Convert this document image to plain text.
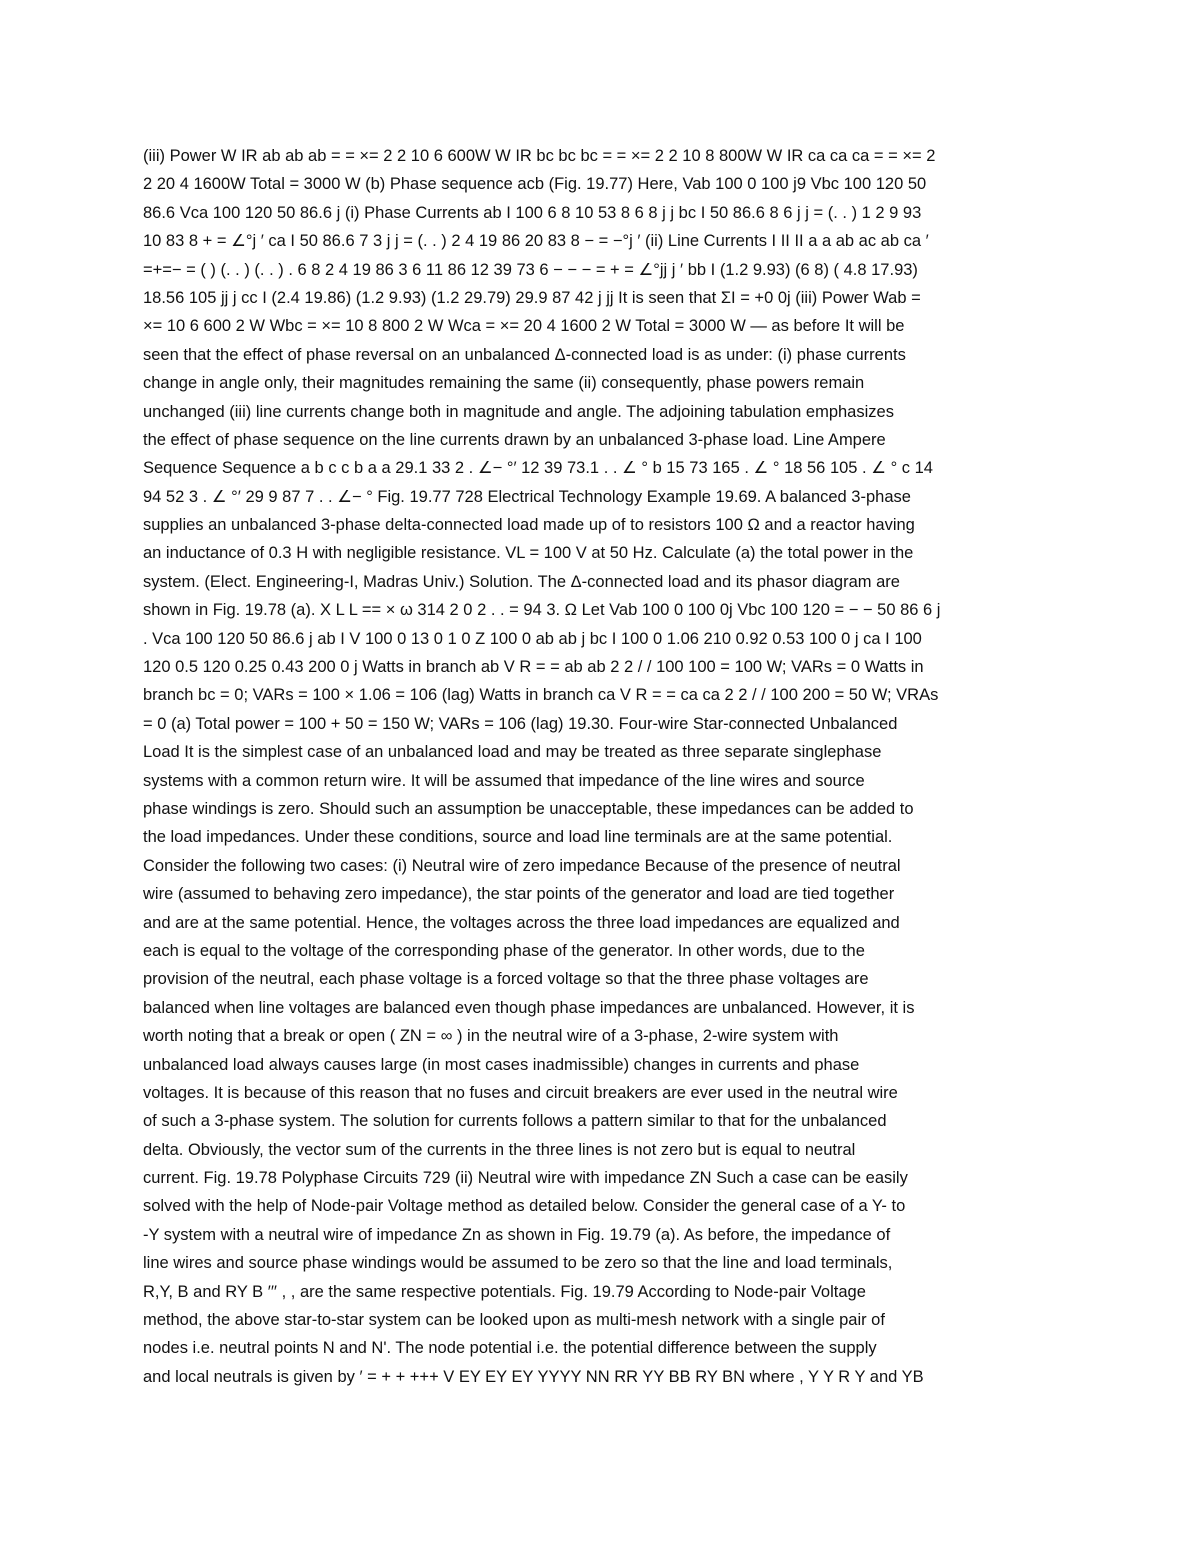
(iii) Power W IR ab ab ab = = ×= 2 2 10 6 600W W IR bc bc bc = = ×= 2 2 10 8 800W W IR ca ca ca = = ×= 2
2 20 4 1600W Total = 3000 W (b) Phase sequence acb (Fig. 19.77) Here, Vab 100 0 100 j9 Vbc 100 120 50
86.6 Vca 100 120 50 86.6 j (i) Phase Currents ab I 100 6 8 10 53 8 6 8 j j bc I 50 86.6 8 6 j j = (. . ) 1 2 9 93
10 83 8 + = ∠°j ′ ca I 50 86.6 7 3 j j = (. . ) 2 4 19 86 20 83 8 − = −°j ′ (ii) Line Currents I II II a a ab ac ab ca ′
=+=− = ( ) (. . ) (. . ) . 6 8 2 4 19 86 3 6 11 86 12 39 73 6 − − − = + = ∠°jj j ′ bb I (1.2 9.93) (6 8) ( 4.8 17.93)
18.56 105 jj j cc I (2.4 19.86) (1.2 9.93) (1.2 29.79) 29.9 87 42 j jj It is seen that ΣI = +0 0j (iii) Power Wab =
×= 10 6 600 2 W Wbc = ×= 10 8 800 2 W Wca = ×= 20 4 1600 2 W Total = 3000 W — as before It will be
seen that the effect of phase reversal on an unbalanced Δ-connected load is as under: (i) phase currents
change in angle only, their magnitudes remaining the same (ii) consequently, phase powers remain
unchanged (iii) line currents change both in magnitude and angle. The adjoining tabulation emphasizes
the effect of phase sequence on the line currents drawn by an unbalanced 3-phase load. Line Ampere
Sequence Sequence a b c c b a a 29.1 33 2 . ∠− °′ 12 39 73.1 . . ∠ ° b 15 73 165 . ∠ ° 18 56 105 . ∠ ° c 14
94 52 3 . ∠ °′ 29 9 87 7 . . ∠− ° Fig. 19.77 728 Electrical Technology Example 19.69. A balanced 3-phase
supplies an unbalanced 3-phase delta-connected load made up of to resistors 100 Ω and a reactor having
an inductance of 0.3 H with negligible resistance. VL = 100 V at 50 Hz. Calculate (a) the total power in the
system. (Elect. Engineering-I, Madras Univ.) Solution. The Δ-connected load and its phasor diagram are
shown in Fig. 19.78 (a). X L L == × ω 314 2 0 2 . . = 94 3. Ω Let Vab 100 0 100 0j Vbc 100 120 = − − 50 86 6 j
. Vca 100 120 50 86.6 j ab I V 100 0 13 0 1 0 Z 100 0 ab ab j bc I 100 0 1.06 210 0.92 0.53 100 0 j ca I 100
120 0.5 120 0.25 0.43 200 0 j Watts in branch ab V R = = ab ab 2 2 / / 100 100 = 100 W; VARs = 0 Watts in
branch bc = 0; VARs = 100 × 1.06 = 106 (lag) Watts in branch ca V R = = ca ca 2 2 / / 100 200 = 50 W; VRAs
= 0 (a) Total power = 100 + 50 = 150 W; VARs = 106 (lag) 19.30. Four-wire Star-connected Unbalanced
Load It is the simplest case of an unbalanced load and may be treated as three separate singlephase
systems with a common return wire. It will be assumed that impedance of the line wires and source
phase windings is zero. Should such an assumption be unacceptable, these impedances can be added to
the load impedances. Under these conditions, source and load line terminals are at the same potential.
Consider the following two cases: (i) Neutral wire of zero impedance Because of the presence of neutral
wire (assumed to behaving zero impedance), the star points of the generator and load are tied together
and are at the same potential. Hence, the voltages across the three load impedances are equalized and
each is equal to the voltage of the corresponding phase of the generator. In other words, due to the
provision of the neutral, each phase voltage is a forced voltage so that the three phase voltages are
balanced when line voltages are balanced even though phase impedances are unbalanced. However, it is
worth noting that a break or open ( ZN = ∞ ) in the neutral wire of a 3-phase, 2-wire system with
unbalanced load always causes large (in most cases inadmissible) changes in currents and phase
voltages. It is because of this reason that no fuses and circuit breakers are ever used in the neutral wire
of such a 3-phase system. The solution for currents follows a pattern similar to that for the unbalanced
delta. Obviously, the vector sum of the currents in the three lines is not zero but is equal to neutral
current. Fig. 19.78 Polyphase Circuits 729 (ii) Neutral wire with impedance ZN Such a case can be easily
solved with the help of Node-pair Voltage method as detailed below. Consider the general case of a Y- to
-Y system with a neutral wire of impedance Zn as shown in Fig. 19.79 (a). As before, the impedance of
line wires and source phase windings would be assumed to be zero so that the line and load terminals,
R,Y, B and RY B ′′′ , , are the same respective potentials. Fig. 19.79 According to Node-pair Voltage
method, the above star-to-star system can be looked upon as multi-mesh network with a single pair of
nodes i.e. neutral points N and N'. The node potential i.e. the potential difference between the supply
and local neutrals is given by ′ = + + +++ V EY EY EY YYYY NN RR YY BB RY BN where , Y Y R Y and YB
